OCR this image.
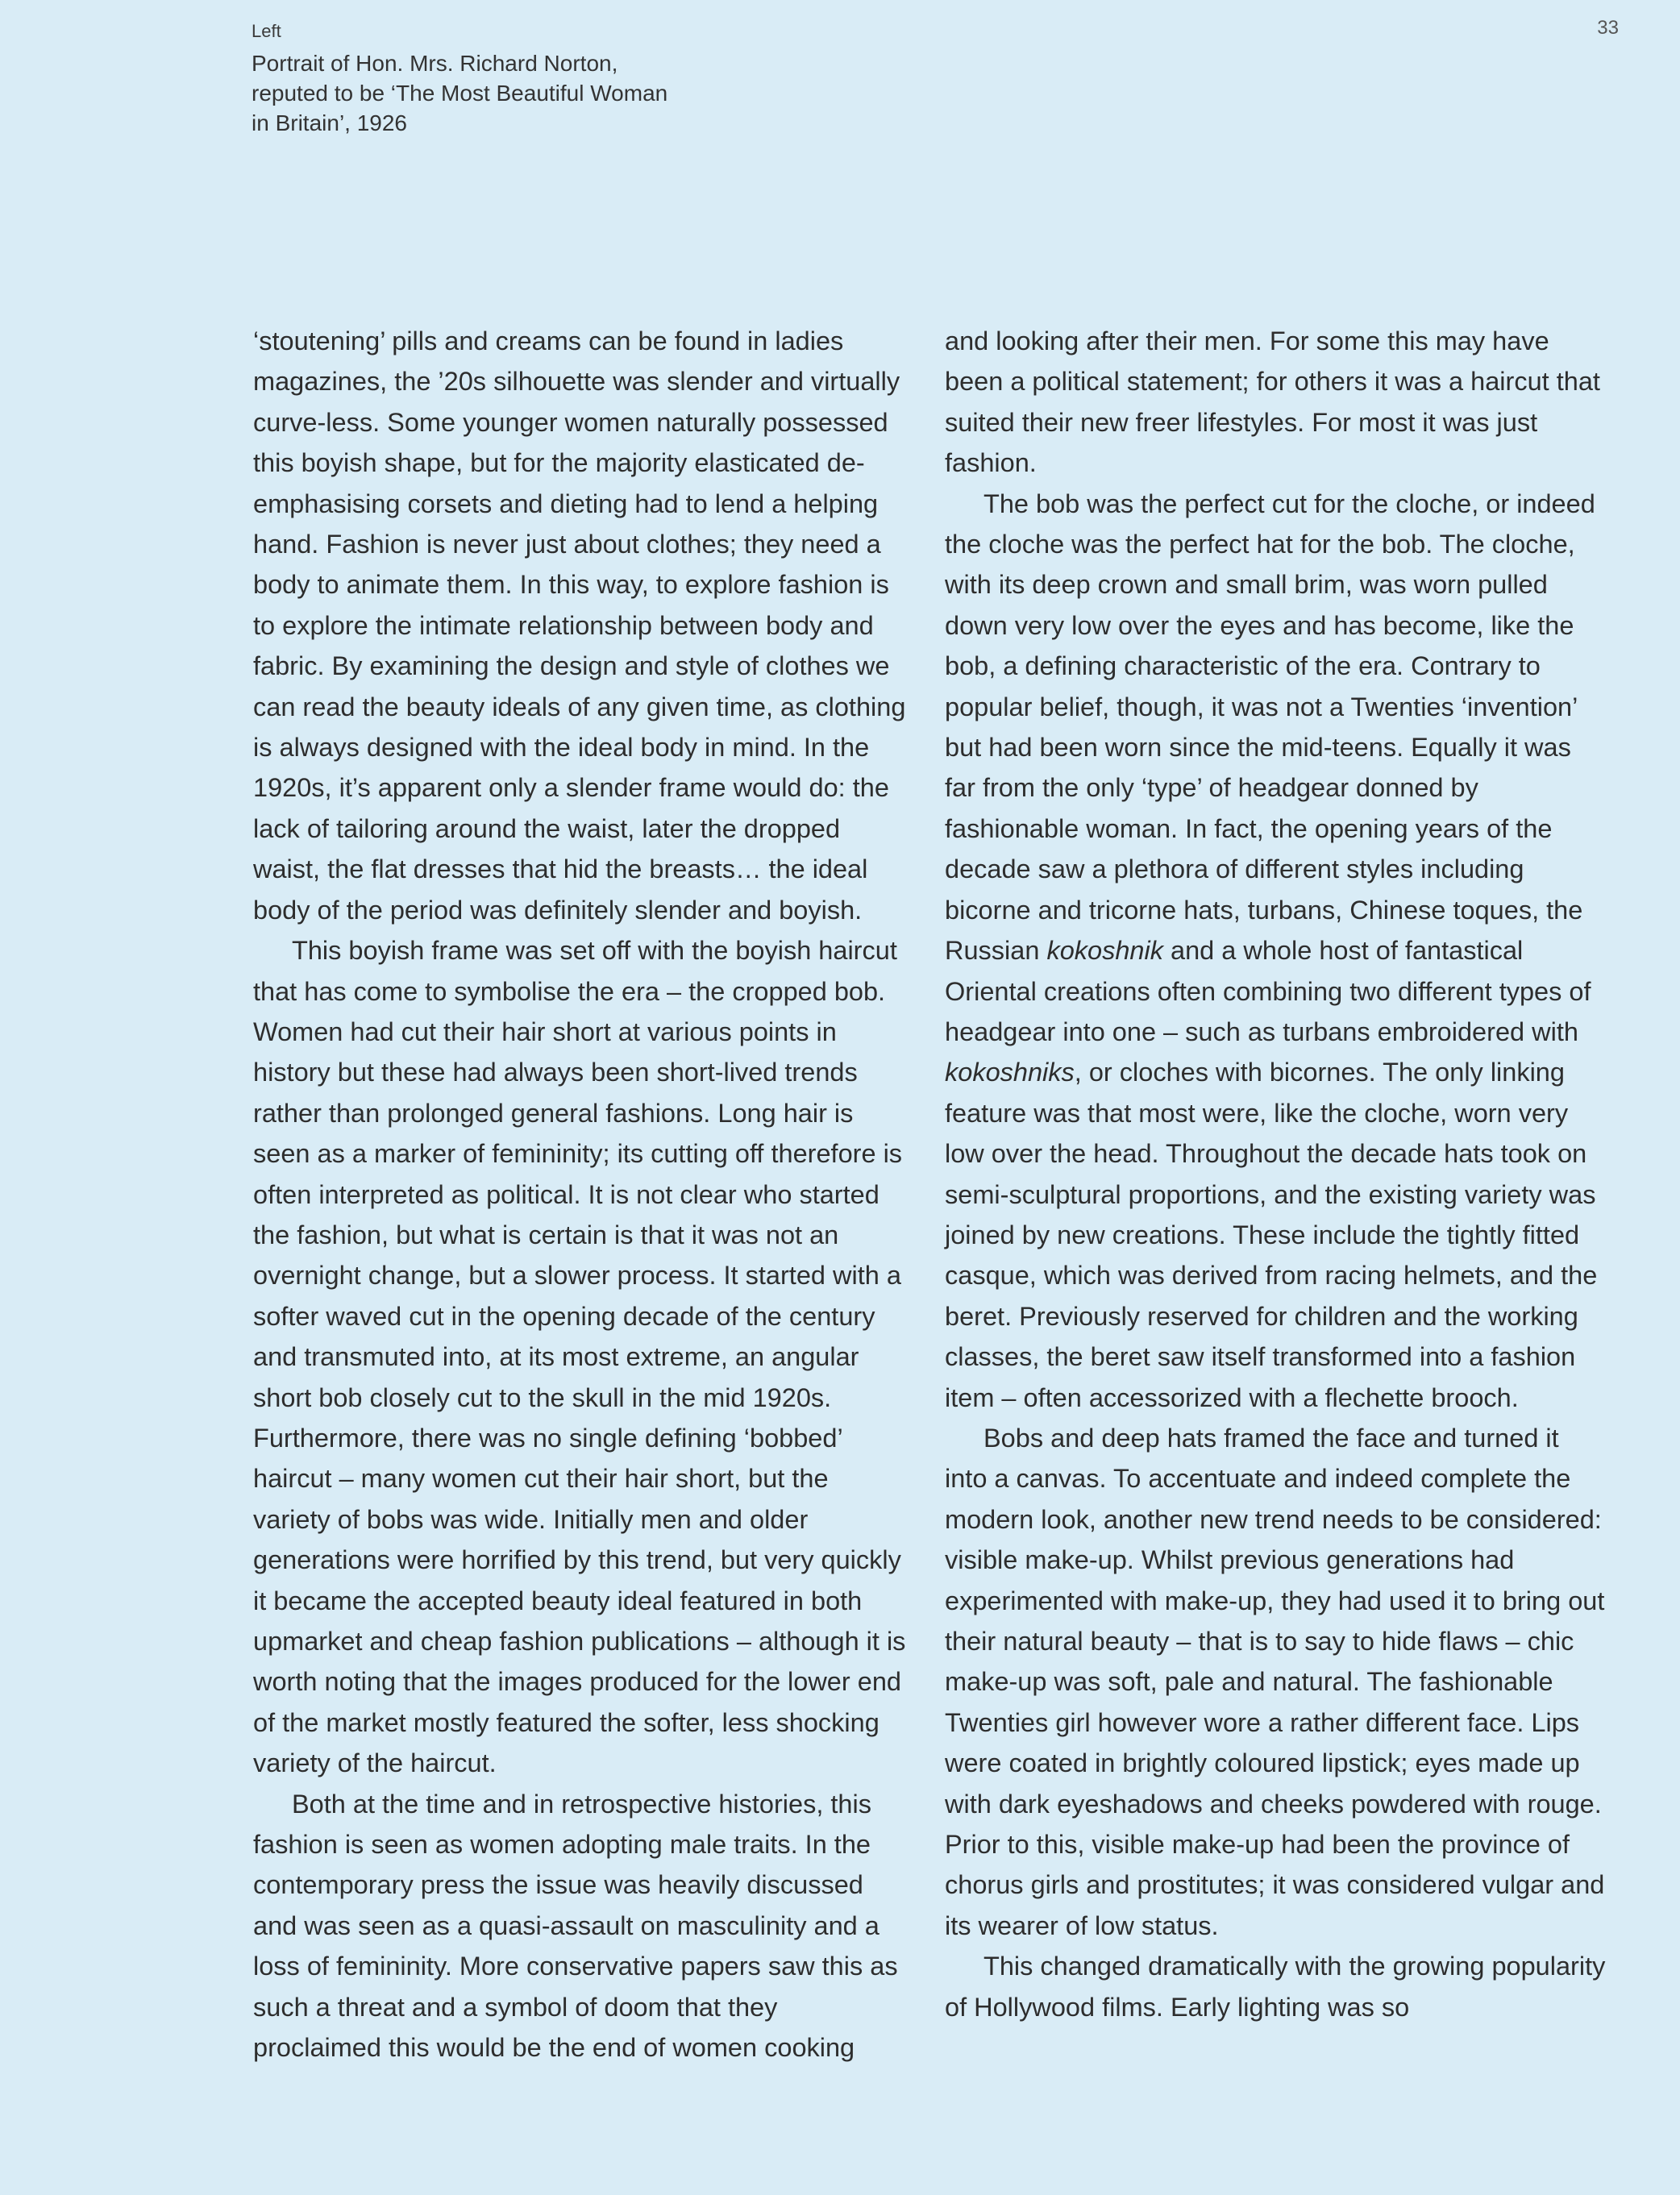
Left

Portrait of Hon. Mrs. Richard Norton,
reputed to be ‘The Most Beautiful Woman
in Britain’, 1926

33

‘stoutening’ pills and creams can be found in ladies magazines, the ’20s silhouette was slender and virtually curve-less. Some younger women naturally possessed this boyish shape, but for the majority elasticated de-emphasising corsets and dieting had to lend a helping hand. Fashion is never just about clothes; they need a body to animate them. In this way, to explore fashion is to explore the intimate relationship between body and fabric. By examining the design and style of clothes we can read the beauty ideals of any given time, as clothing is always designed with the ideal body in mind. In the 1920s, it’s apparent only a slender frame would do: the lack of tailoring around the waist, later the dropped waist, the flat dresses that hid the breasts… the ideal body of the period was definitely slender and boyish.

This boyish frame was set off with the boyish haircut that has come to symbolise the era – the cropped bob. Women had cut their hair short at various points in history but these had always been short-lived trends rather than prolonged general fashions. Long hair is seen as a marker of femininity; its cutting off therefore is often interpreted as political. It is not clear who started the fashion, but what is certain is that it was not an overnight change, but a slower process. It started with a softer waved cut in the opening decade of the century and transmuted into, at its most extreme, an angular short bob closely cut to the skull in the mid 1920s. Furthermore, there was no single defining ‘bobbed’ haircut – many women cut their hair short, but the variety of bobs was wide. Initially men and older generations were horrified by this trend, but very quickly it became the accepted beauty ideal featured in both upmarket and cheap fashion publications – although it is worth noting that the images produced for the lower end of the market mostly featured the softer, less shocking variety of the haircut.

Both at the time and in retrospective histories, this fashion is seen as women adopting male traits. In the contemporary press the issue was heavily discussed and was seen as a quasi-assault on masculinity and a loss of femininity. More conservative papers saw this as such a threat and a symbol of doom that they proclaimed this would be the end of women cooking

and looking after their men. For some this may have been a political statement; for others it was a haircut that suited their new freer lifestyles. For most it was just fashion.

The bob was the perfect cut for the cloche, or indeed the cloche was the perfect hat for the bob. The cloche, with its deep crown and small brim, was worn pulled down very low over the eyes and has become, like the bob, a defining characteristic of the era. Contrary to popular belief, though, it was not a Twenties ‘invention’ but had been worn since the mid-teens. Equally it was far from the only ‘type’ of headgear donned by fashionable woman. In fact, the opening years of the decade saw a plethora of different styles including bicorne and tricorne hats, turbans, Chinese toques, the Russian kokoshnik and a whole host of fantastical Oriental creations often combining two different types of headgear into one – such as turbans embroidered with kokoshniks, or cloches with bicornes. The only linking feature was that most were, like the cloche, worn very low over the head. Throughout the decade hats took on semi-sculptural proportions, and the existing variety was joined by new creations. These include the tightly fitted casque, which was derived from racing helmets, and the beret. Previously reserved for children and the working classes, the beret saw itself transformed into a fashion item – often accessorized with a flechette brooch.

Bobs and deep hats framed the face and turned it into a canvas. To accentuate and indeed complete the modern look, another new trend needs to be considered: visible make-up. Whilst previous generations had experimented with make-up, they had used it to bring out their natural beauty – that is to say to hide flaws – chic make-up was soft, pale and natural. The fashionable Twenties girl however wore a rather different face. Lips were coated in brightly coloured lipstick; eyes made up with dark eyeshadows and cheeks powdered with rouge. Prior to this, visible make-up had been the province of chorus girls and prostitutes; it was considered vulgar and its wearer of low status.

This changed dramatically with the growing popularity of Hollywood films. Early lighting was so
